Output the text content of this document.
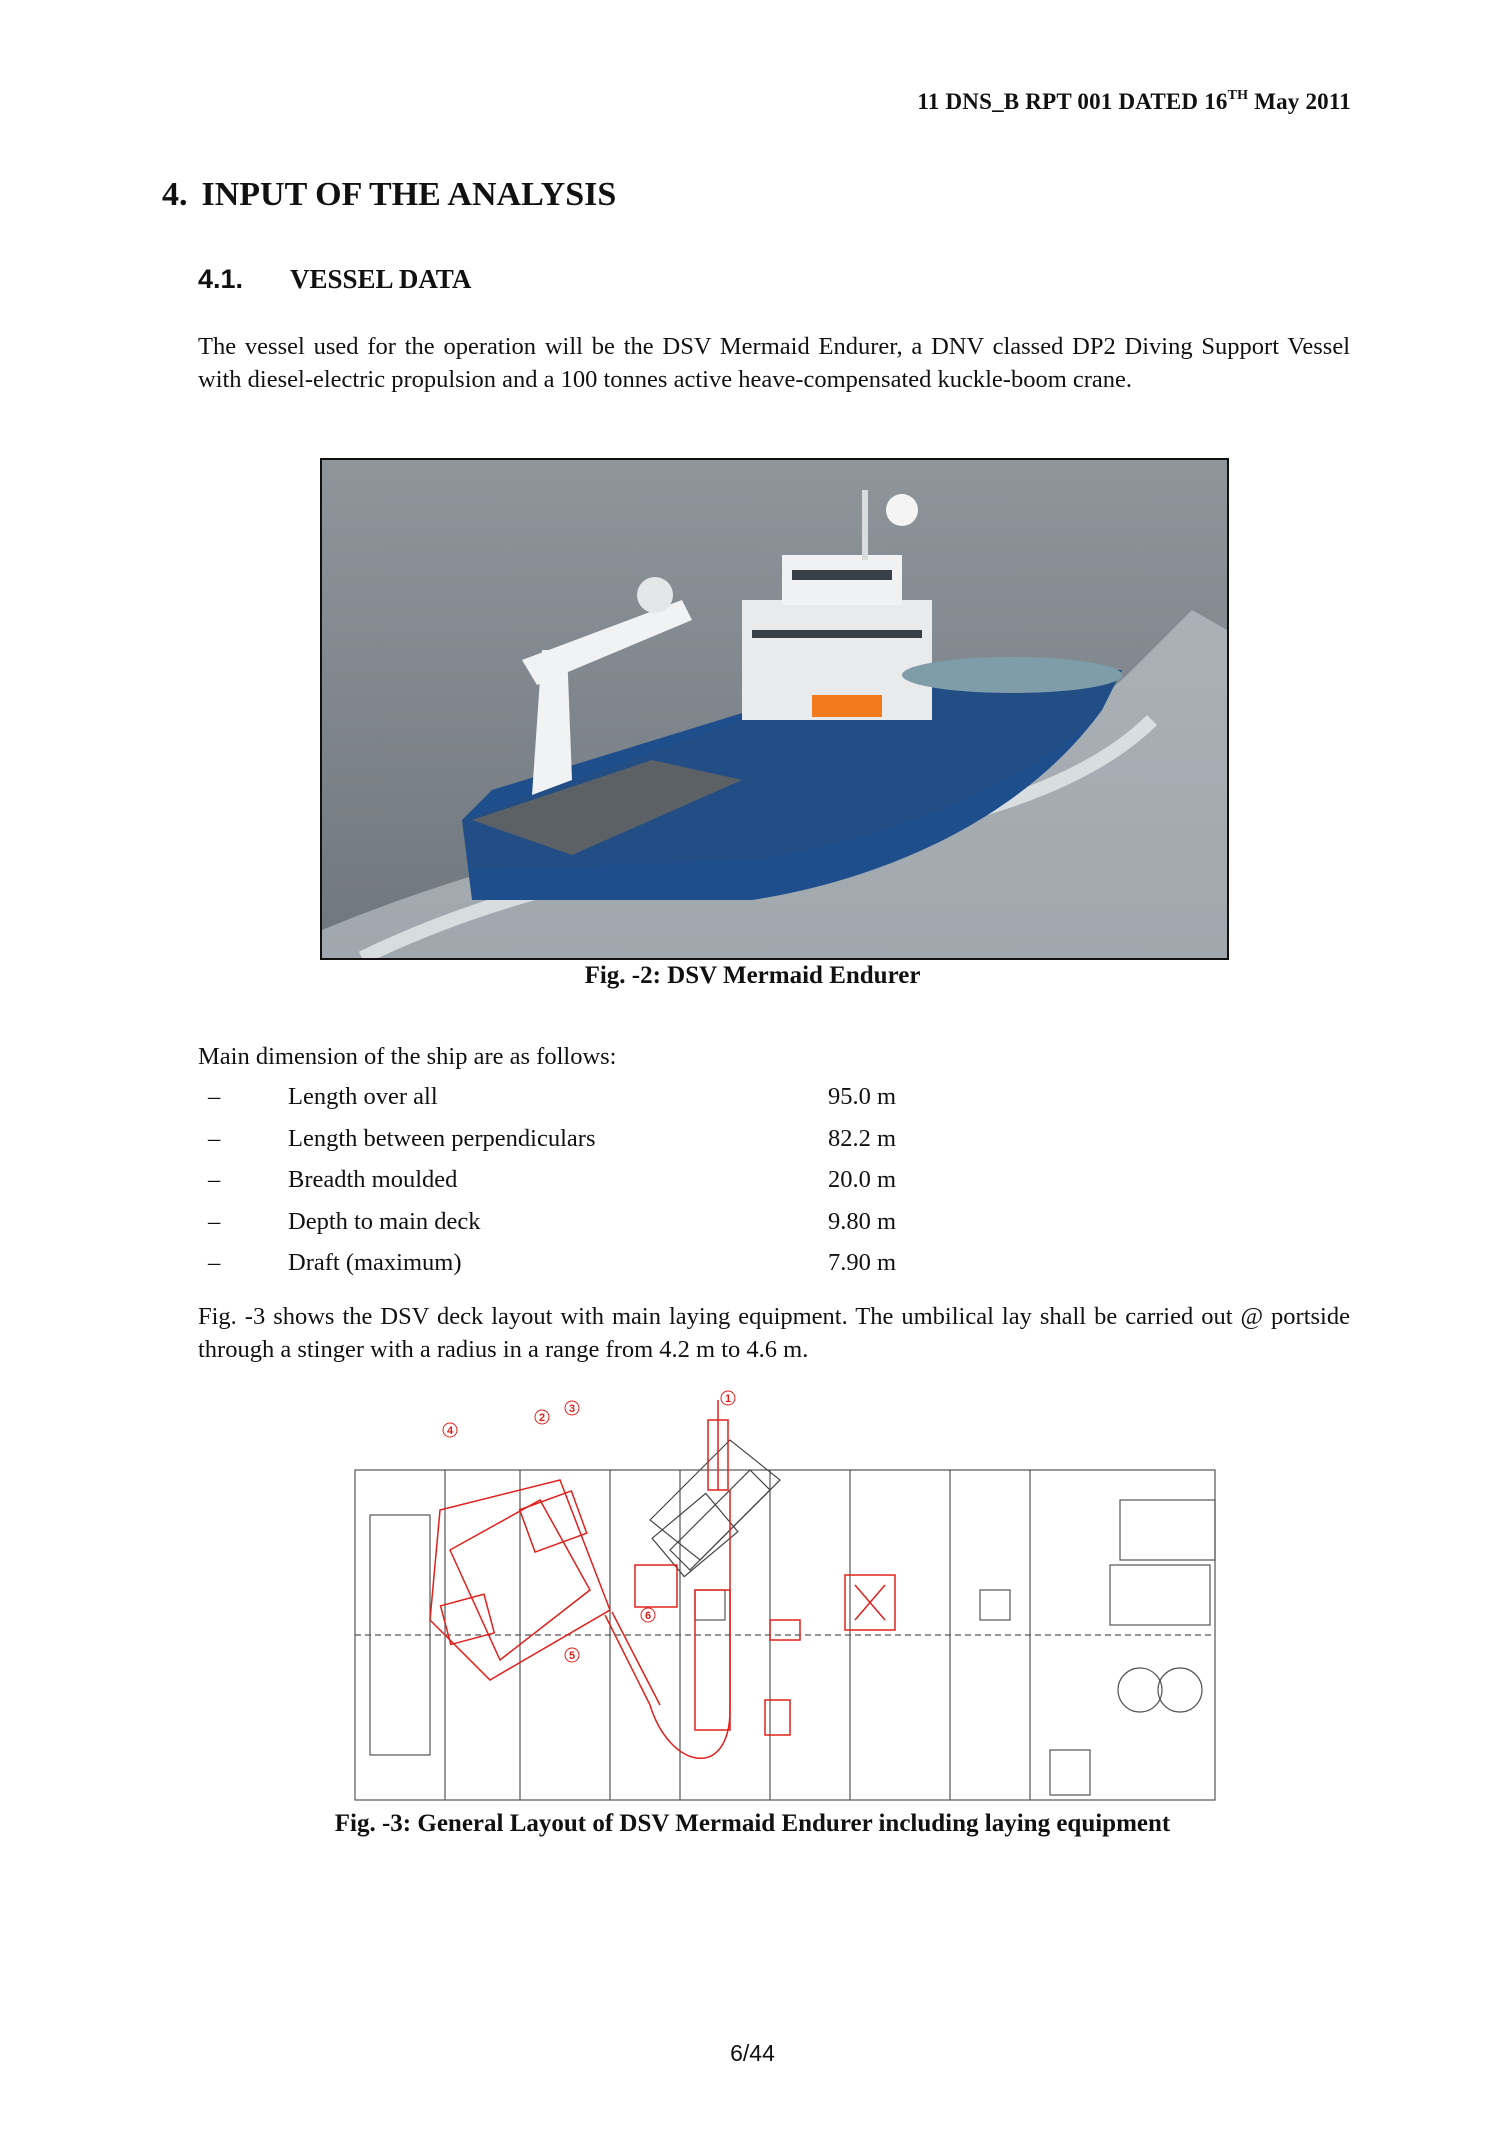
11 DNS_B RPT 001 DATED 16TH May 2011
4. INPUT OF THE ANALYSIS
4.1. VESSEL DATA

The vessel used for the operation will be the DSV Mermaid Endurer, a DNV classed DP2 Diving Support Vessel with diesel-electric propulsion and a 100 tonnes active heave-compensated kuckle-boom crane.

Fig. -2: DSV Mermaid Endurer
Main dimension of the ship are as follows:
–	Length over all	95.0 m
–	Length between perpendiculars	82.2 m
–	Breadth moulded	20.0 m
–	Depth to main deck	9.80 m
–	Draft (maximum)	7.90 m

Fig. -3 shows the DSV deck layout with main laying equipment. The umbilical lay shall be carried out @ portside through a stinger with a radius in a range from 4.2 m to 4.6 m.

1
2
3
4
5
6
Fig. -3: General Layout of DSV Mermaid Endurer including laying equipment
6/44
